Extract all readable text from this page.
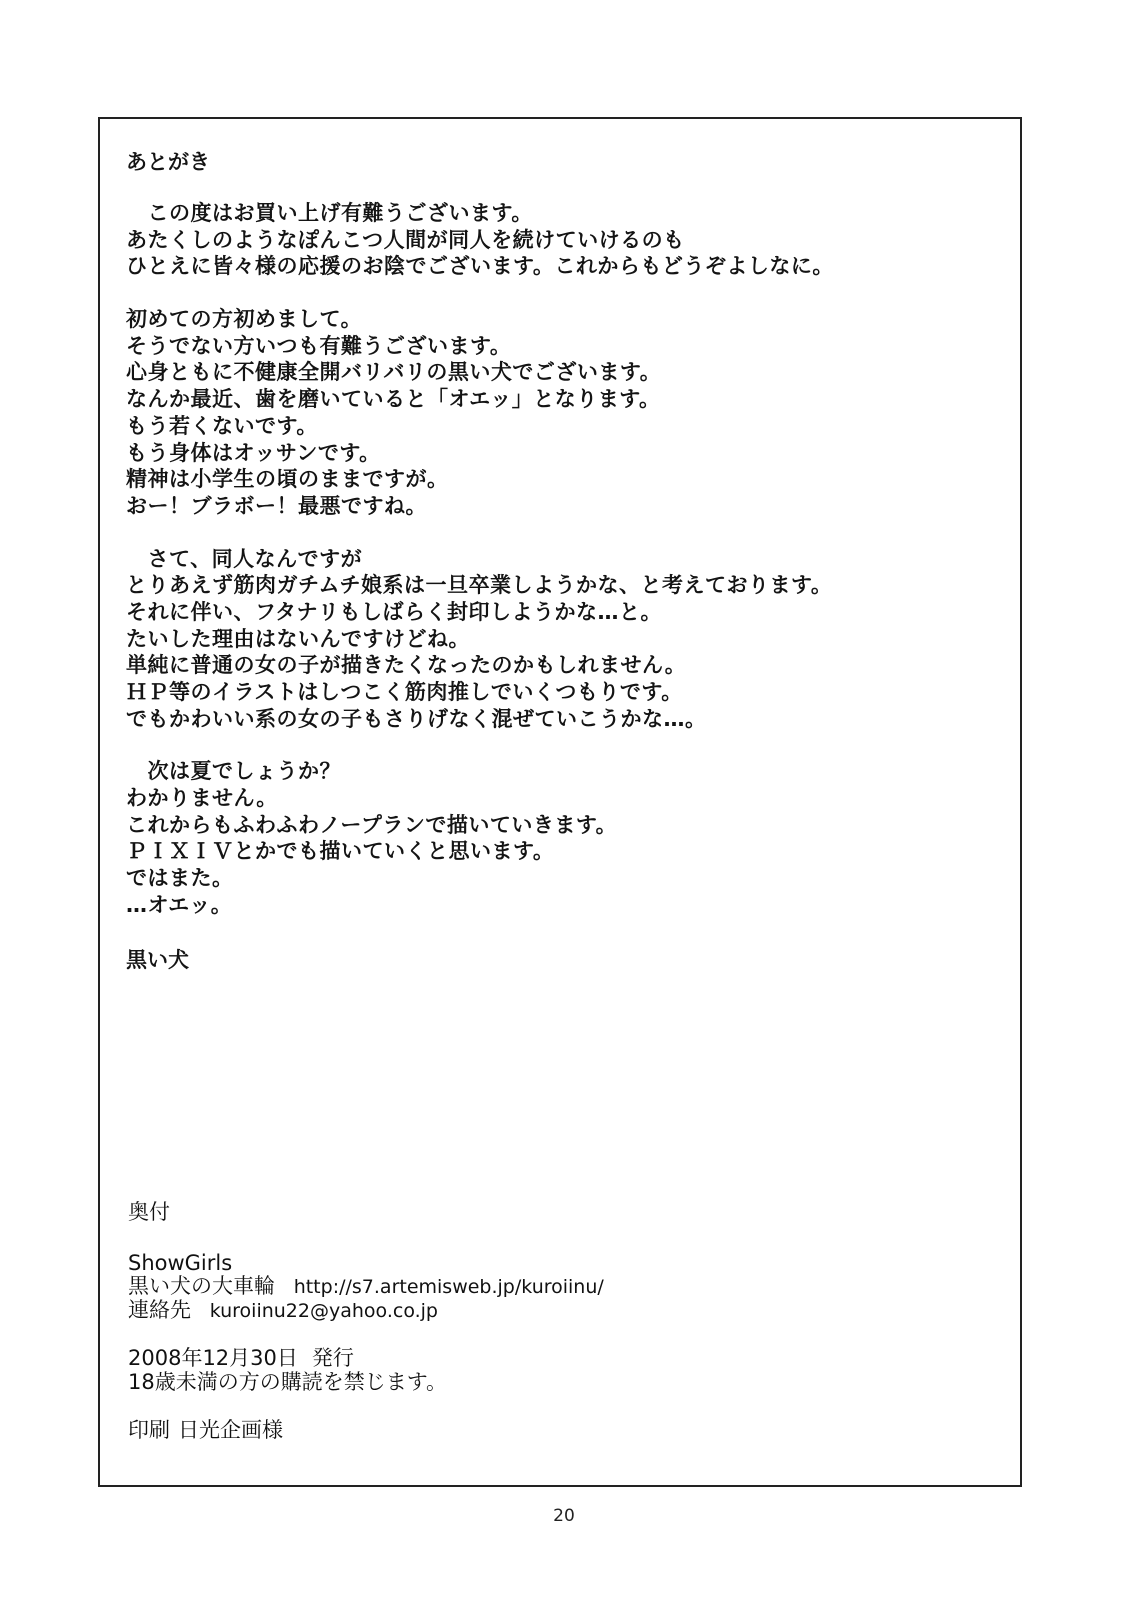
あとがき
　この度はお買い上げ有難うございます。
あたくしのようなぽんこつ人間が同人を続けていけるのも
ひとえに皆々様の応援のお陰でございます。これからもどうぞよしなに。
初めての方初めまして。
そうでない方いつも有難うございます。
心身ともに不健康全開バリバリの黒い犬でございます。
なんか最近、歯を磨いていると「オエッ」となります。
もう若くないです。
もう身体はオッサンです。
精神は小学生の頃のままですが。
おー！ブラボー！最悪ですね。
　さて、同人なんですが
とりあえず筋肉ガチムチ娘系は一旦卒業しようかな、と考えております。
それに伴い、フタナリもしばらく封印しようかな…と。
たいした理由はないんですけどね。
単純に普通の女の子が描きたくなったのかもしれません。
ＨＰ等のイラストはしつこく筋肉推しでいくつもりです。
でもかわいい系の女の子もさりげなく混ぜていこうかな…。
　次は夏でしょうか？
わかりません。
これからもふわふわノープランで描いていきます。
ＰＩＸＩＶとかでも描いていくと思います。
ではまた。
…オエッ。
黒い犬
奥付
ShowGirls
黒い犬の大車輪 http://s7.artemisweb.jp/kuroiinu/
連絡先 kuroiinu22@yahoo.co.jp
2008年12月30日 発行
18歳未満の方の購読を禁じます。
印刷 日光企画様
20
